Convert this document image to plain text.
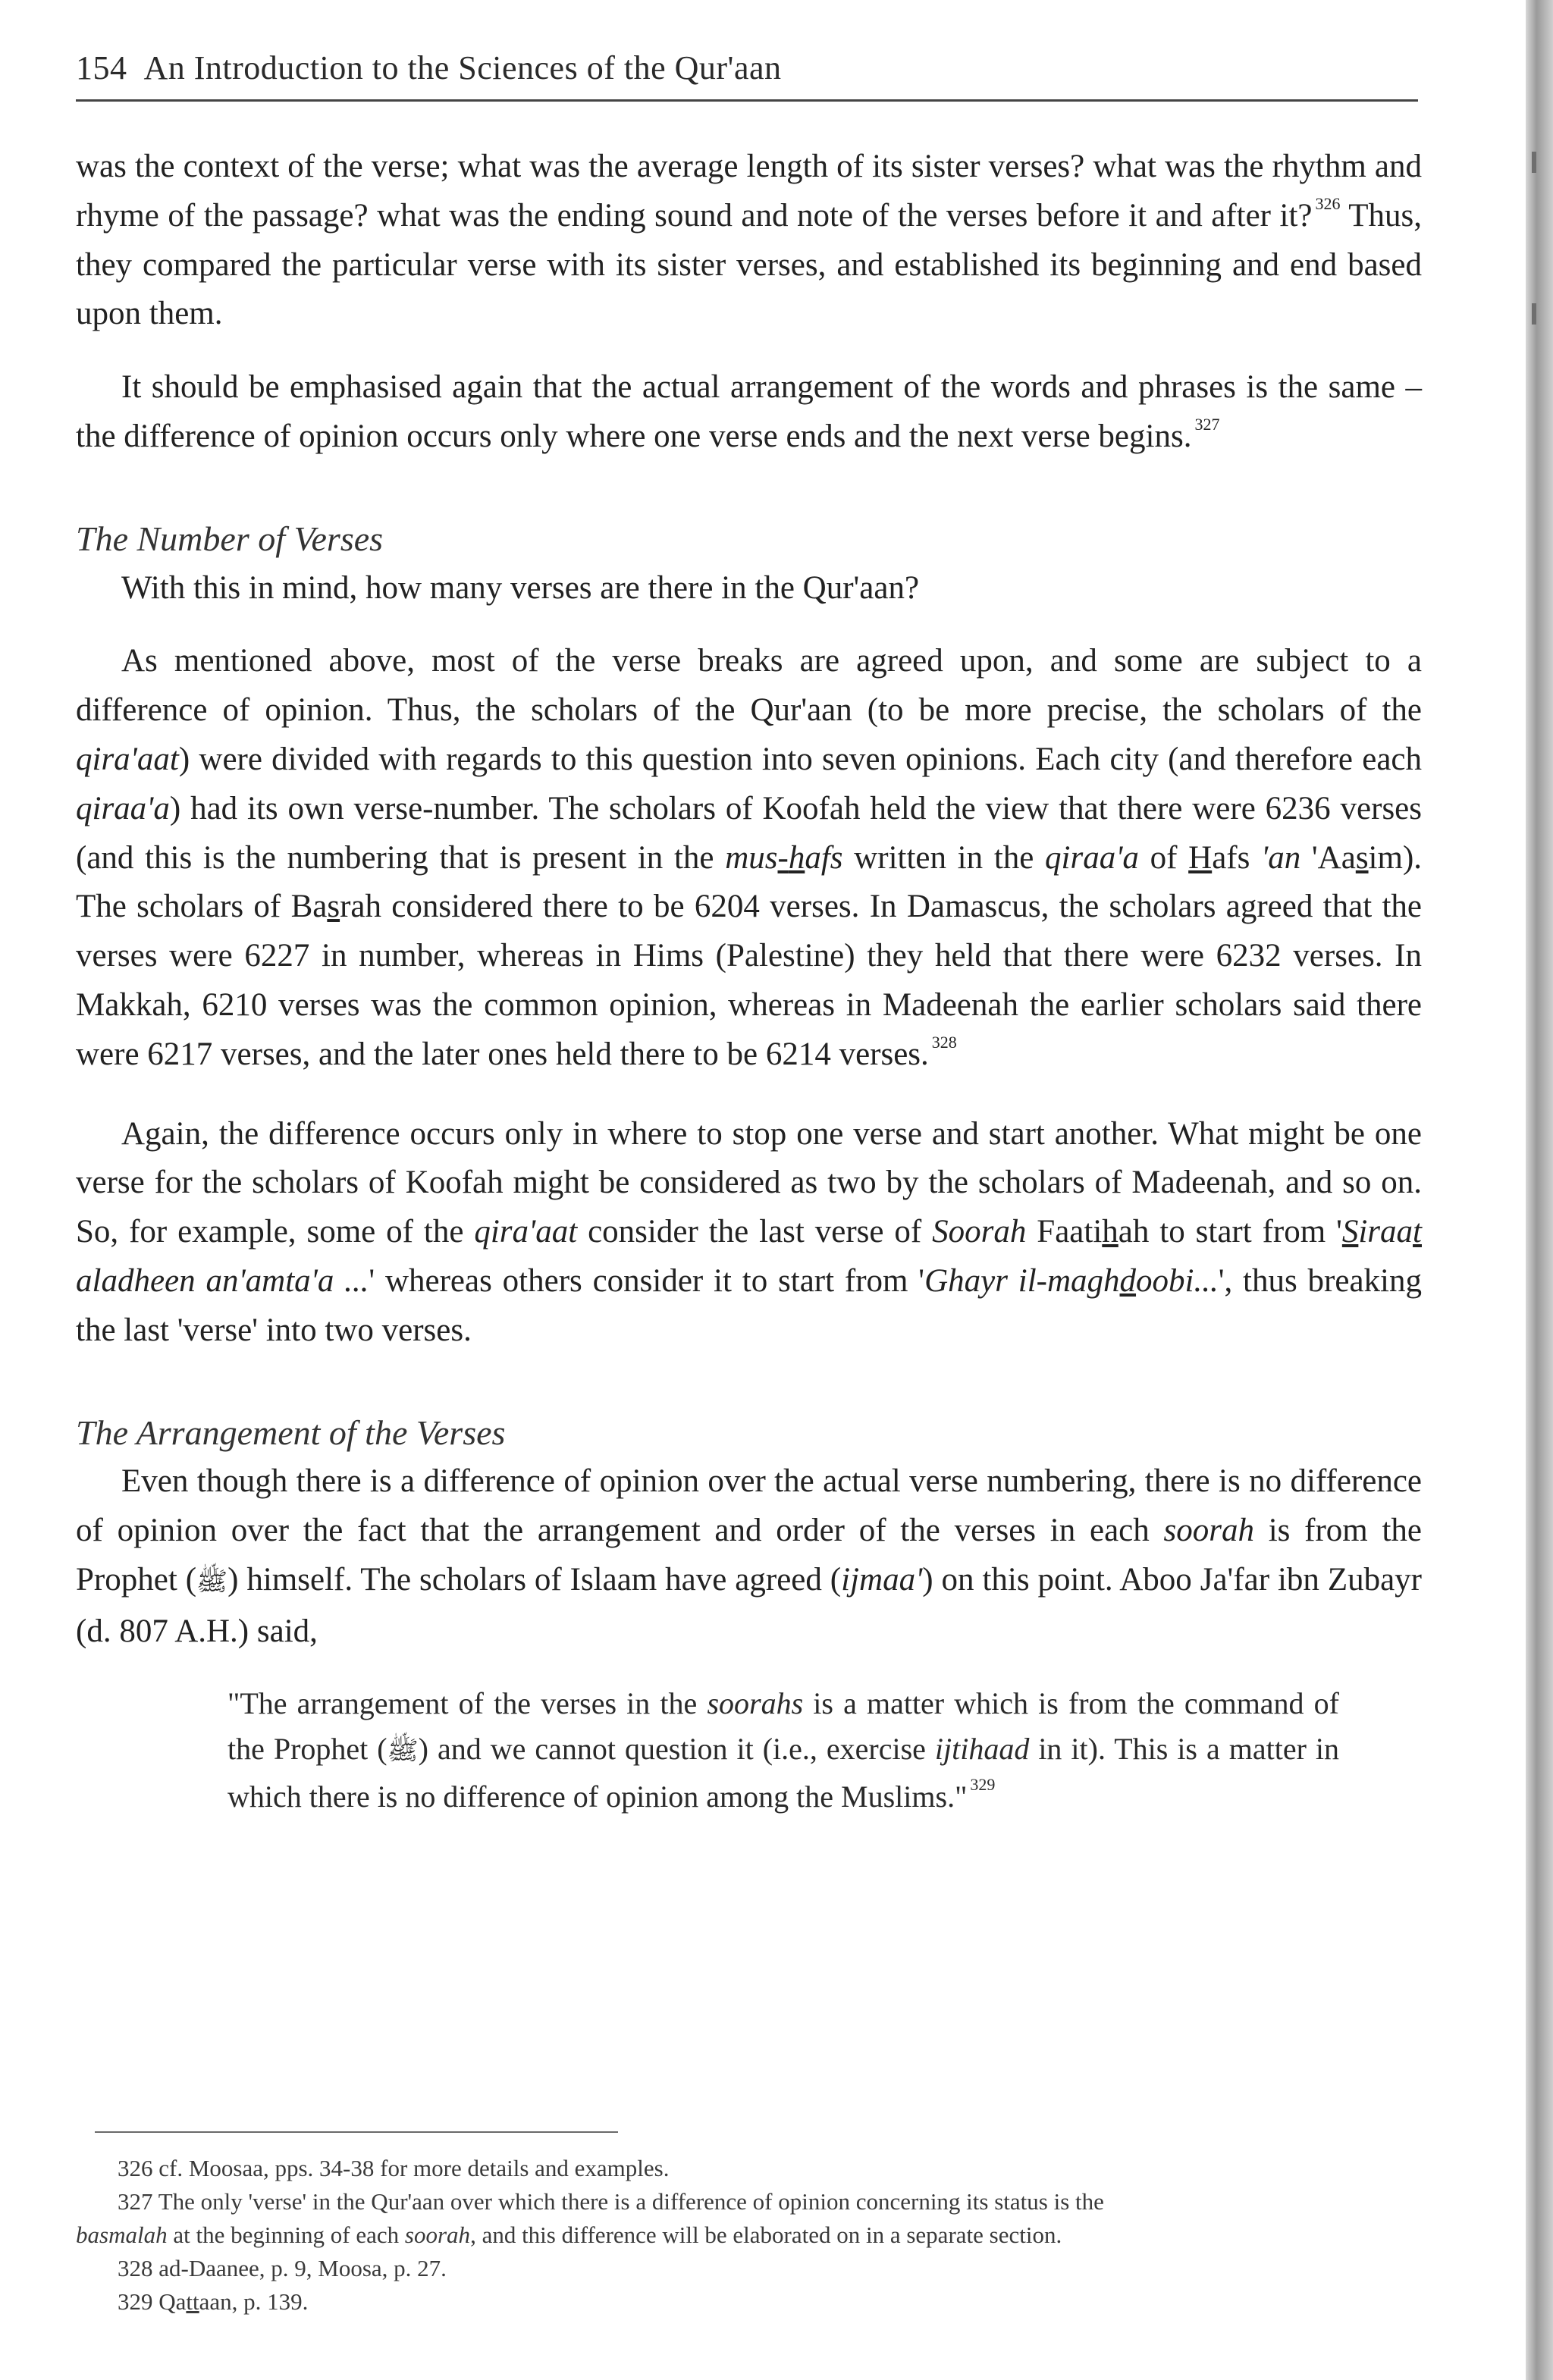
154 An Introduction to the Sciences of the Qur'aan

was the context of the verse; what was the average length of its sister verses? what was the rhythm and rhyme of the passage? what was the ending sound and note of the verses before it and after it? $^{326}$ Thus, they compared the particular verse with its sister verses, and established its beginning and end based upon them.

It should be emphasised again that the actual arrangement of the words and phrases is the same – the difference of opinion occurs only where one verse ends and the next verse begins. $^{327}$

The Number of Verses

With this in mind, how many verses are there in the Qur'aan?

As mentioned above, most of the verse breaks are agreed upon, and some are subject to a difference of opinion. Thus, the scholars of the Qur'aan (to be more precise, the scholars of the qira'aat) were divided with regards to this question into seven opinions. Each city (and therefore each qiraa'a) had its own verse-number. The scholars of Koofah held the view that there were 6236 verses (and this is the numbering that is present in the mus-hafs written in the qiraa'a of Hafs 'an 'Aasim). The scholars of Basrah considered there to be 6204 verses. In Damascus, the scholars agreed that the verses were 6227 in number, whereas in Hims (Palestine) they held that there were 6232 verses. In Makkah, 6210 verses was the common opinion, whereas in Madeenah the earlier scholars said there were 6217 verses, and the later ones held there to be 6214 verses. $^{328}$

Again, the difference occurs only in where to stop one verse and start another. What might be one verse for the scholars of Koofah might be considered as two by the scholars of Madeenah, and so on. So, for example, some of the qira'aat consider the last verse of Soorah Faatihah to start from 'Siraat aladheen an'amta'a ...' whereas others consider it to start from 'Ghayr il-maghdoobi...', thus breaking the last 'verse' into two verses.

The Arrangement of the Verses

Even though there is a difference of opinion over the actual verse numbering, there is no difference of opinion over the fact that the arrangement and order of the verses in each soorah is from the Prophet (ﷺ) himself. The scholars of Islaam have agreed (ijmaa') on this point. Aboo Ja'far ibn Zubayr (d. 807 A.H.) said,

"The arrangement of the verses in the soorahs is a matter which is from the command of the Prophet (ﷺ) and we cannot question it (i.e., exercise ijtihaad in it). This is a matter in which there is no difference of opinion among the Muslims." $^{329}$

326 cf. Moosaa, pps. 34-38 for more details and examples.

327 The only 'verse' in the Qur'aan over which there is a difference of opinion concerning its status is the

basmalah at the beginning of each soorah, and this difference will be elaborated on in a separate section.

328 ad-Daanee, p. 9, Moosa, p. 27.

329 Qattaan, p. 139.
